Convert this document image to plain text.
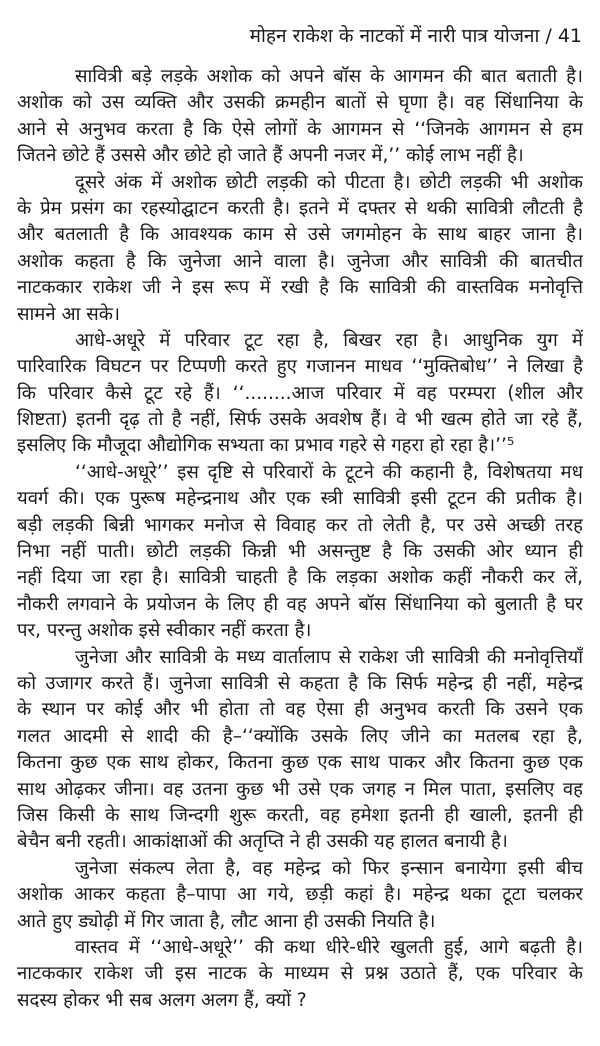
मोहन राकेश के नाटकों में नारी पात्र योजना / 41
सावित्री बड़े लड़के अशोक को अपने बॉस के आगमन की बात बताती है।
अशोक को उस व्यक्ति और उसकी क्रमहीन बातों से घृणा है। वह सिंधानिया के
आने से अनुभव करता है कि ऐसे लोगों के आगमन से ‘‘जिनके आगमन से हम
जितने छोटे हैं उससे और छोटे हो जाते हैं अपनी नजर में,’’ कोई लाभ नहीं है।
दूसरे अंक में अशोक छोटी लड़की को पीटता है। छोटी लड़की भी अशोक
के प्रेम प्रसंग का रहस्योद्घाटन करती है। इतने में दफ्तर से थकी सावित्री लौटती है
और बतलाती है कि आवश्यक काम से उसे जगमोहन के साथ बाहर जाना है।
अशोक कहता है कि जुनेजा आने वाला है। जुनेजा और सावित्री की बातचीत
नाटककार राकेश जी ने इस रूप में रखी है कि सावित्री की वास्तविक मनोवृत्ति
सामने आ सके।
आधे-अधूरे में परिवार टूट रहा है, बिखर रहा है। आधुनिक युग में
पारिवारिक विघटन पर टिप्पणी करते हुए गजानन माधव ‘‘मुक्तिबोध’’ ने लिखा है
कि परिवार कैसे टूट रहे हैं। ‘‘........आज परिवार में वह परम्परा (शील और
शिष्टता) इतनी दृढ़ तो है नहीं, सिर्फ उसके अवशेष हैं। वे भी खत्म होते जा रहे हैं,
इसलिए कि मौजूदा औद्योगिक सभ्यता का प्रभाव गहरे से गहरा हो रहा है।’’⁵
‘‘आधे-अधूरे’’ इस दृष्टि से परिवारों के टूटने की कहानी है, विशेषतया मध
यवर्ग की। एक पुरूष महेन्द्रनाथ और एक स्त्री सावित्री इसी टूटन की प्रतीक है।
बड़ी लड़की बिन्नी भागकर मनोज से विवाह कर तो लेती है, पर उसे अच्छी तरह
निभा नहीं पाती। छोटी लड़की किन्नी भी असन्तुष्ट है कि उसकी ओर ध्यान ही
नहीं दिया जा रहा है। सावित्री चाहती है कि लड़का अशोक कहीं नौकरी कर लें,
नौकरी लगवाने के प्रयोजन के लिए ही वह अपने बॉस सिंधानिया को बुलाती है घर
पर, परन्तु अशोक इसे स्वीकार नहीं करता है।
जुनेजा और सावित्री के मध्य वार्तालाप से राकेश जी सावित्री की मनोवृत्तियाँ
को उजागर करते हैं। जुनेजा सावित्री से कहता है कि सिर्फ महेन्द्र ही नहीं, महेन्द्र
के स्थान पर कोई और भी होता तो वह ऐसा ही अनुभव करती कि उसने एक
गलत आदमी से शादी की है–‘‘क्योंकि उसके लिए जीने का मतलब रहा है,
कितना कुछ एक साथ होकर, कितना कुछ एक साथ पाकर और कितना कुछ एक
साथ ओढ़कर जीना। वह उतना कुछ भी उसे एक जगह न मिल पाता, इसलिए वह
जिस किसी के साथ जिन्दगी शुरू करती, वह हमेशा इतनी ही खाली, इतनी ही
बेचैन बनी रहती। आकांक्षाओं की अतृप्ति ने ही उसकी यह हालत बनायी है।
जुनेजा संकल्प लेता है, वह महेन्द्र को फिर इन्सान बनायेगा इसी बीच
अशोक आकर कहता है–पापा आ गये, छड़ी कहां है। महेन्द्र थका टूटा चलकर
आते हुए ड्योढ़ी में गिर जाता है, लौट आना ही उसकी नियति है।
वास्तव में ‘‘आधे-अधूरे’’ की कथा धीरे-धीरे खुलती हुई, आगे बढ़ती है।
नाटककार राकेश जी इस नाटक के माध्यम से प्रश्न उठाते हैं, एक परिवार के
सदस्य होकर भी सब अलग अलग हैं, क्यों ?
